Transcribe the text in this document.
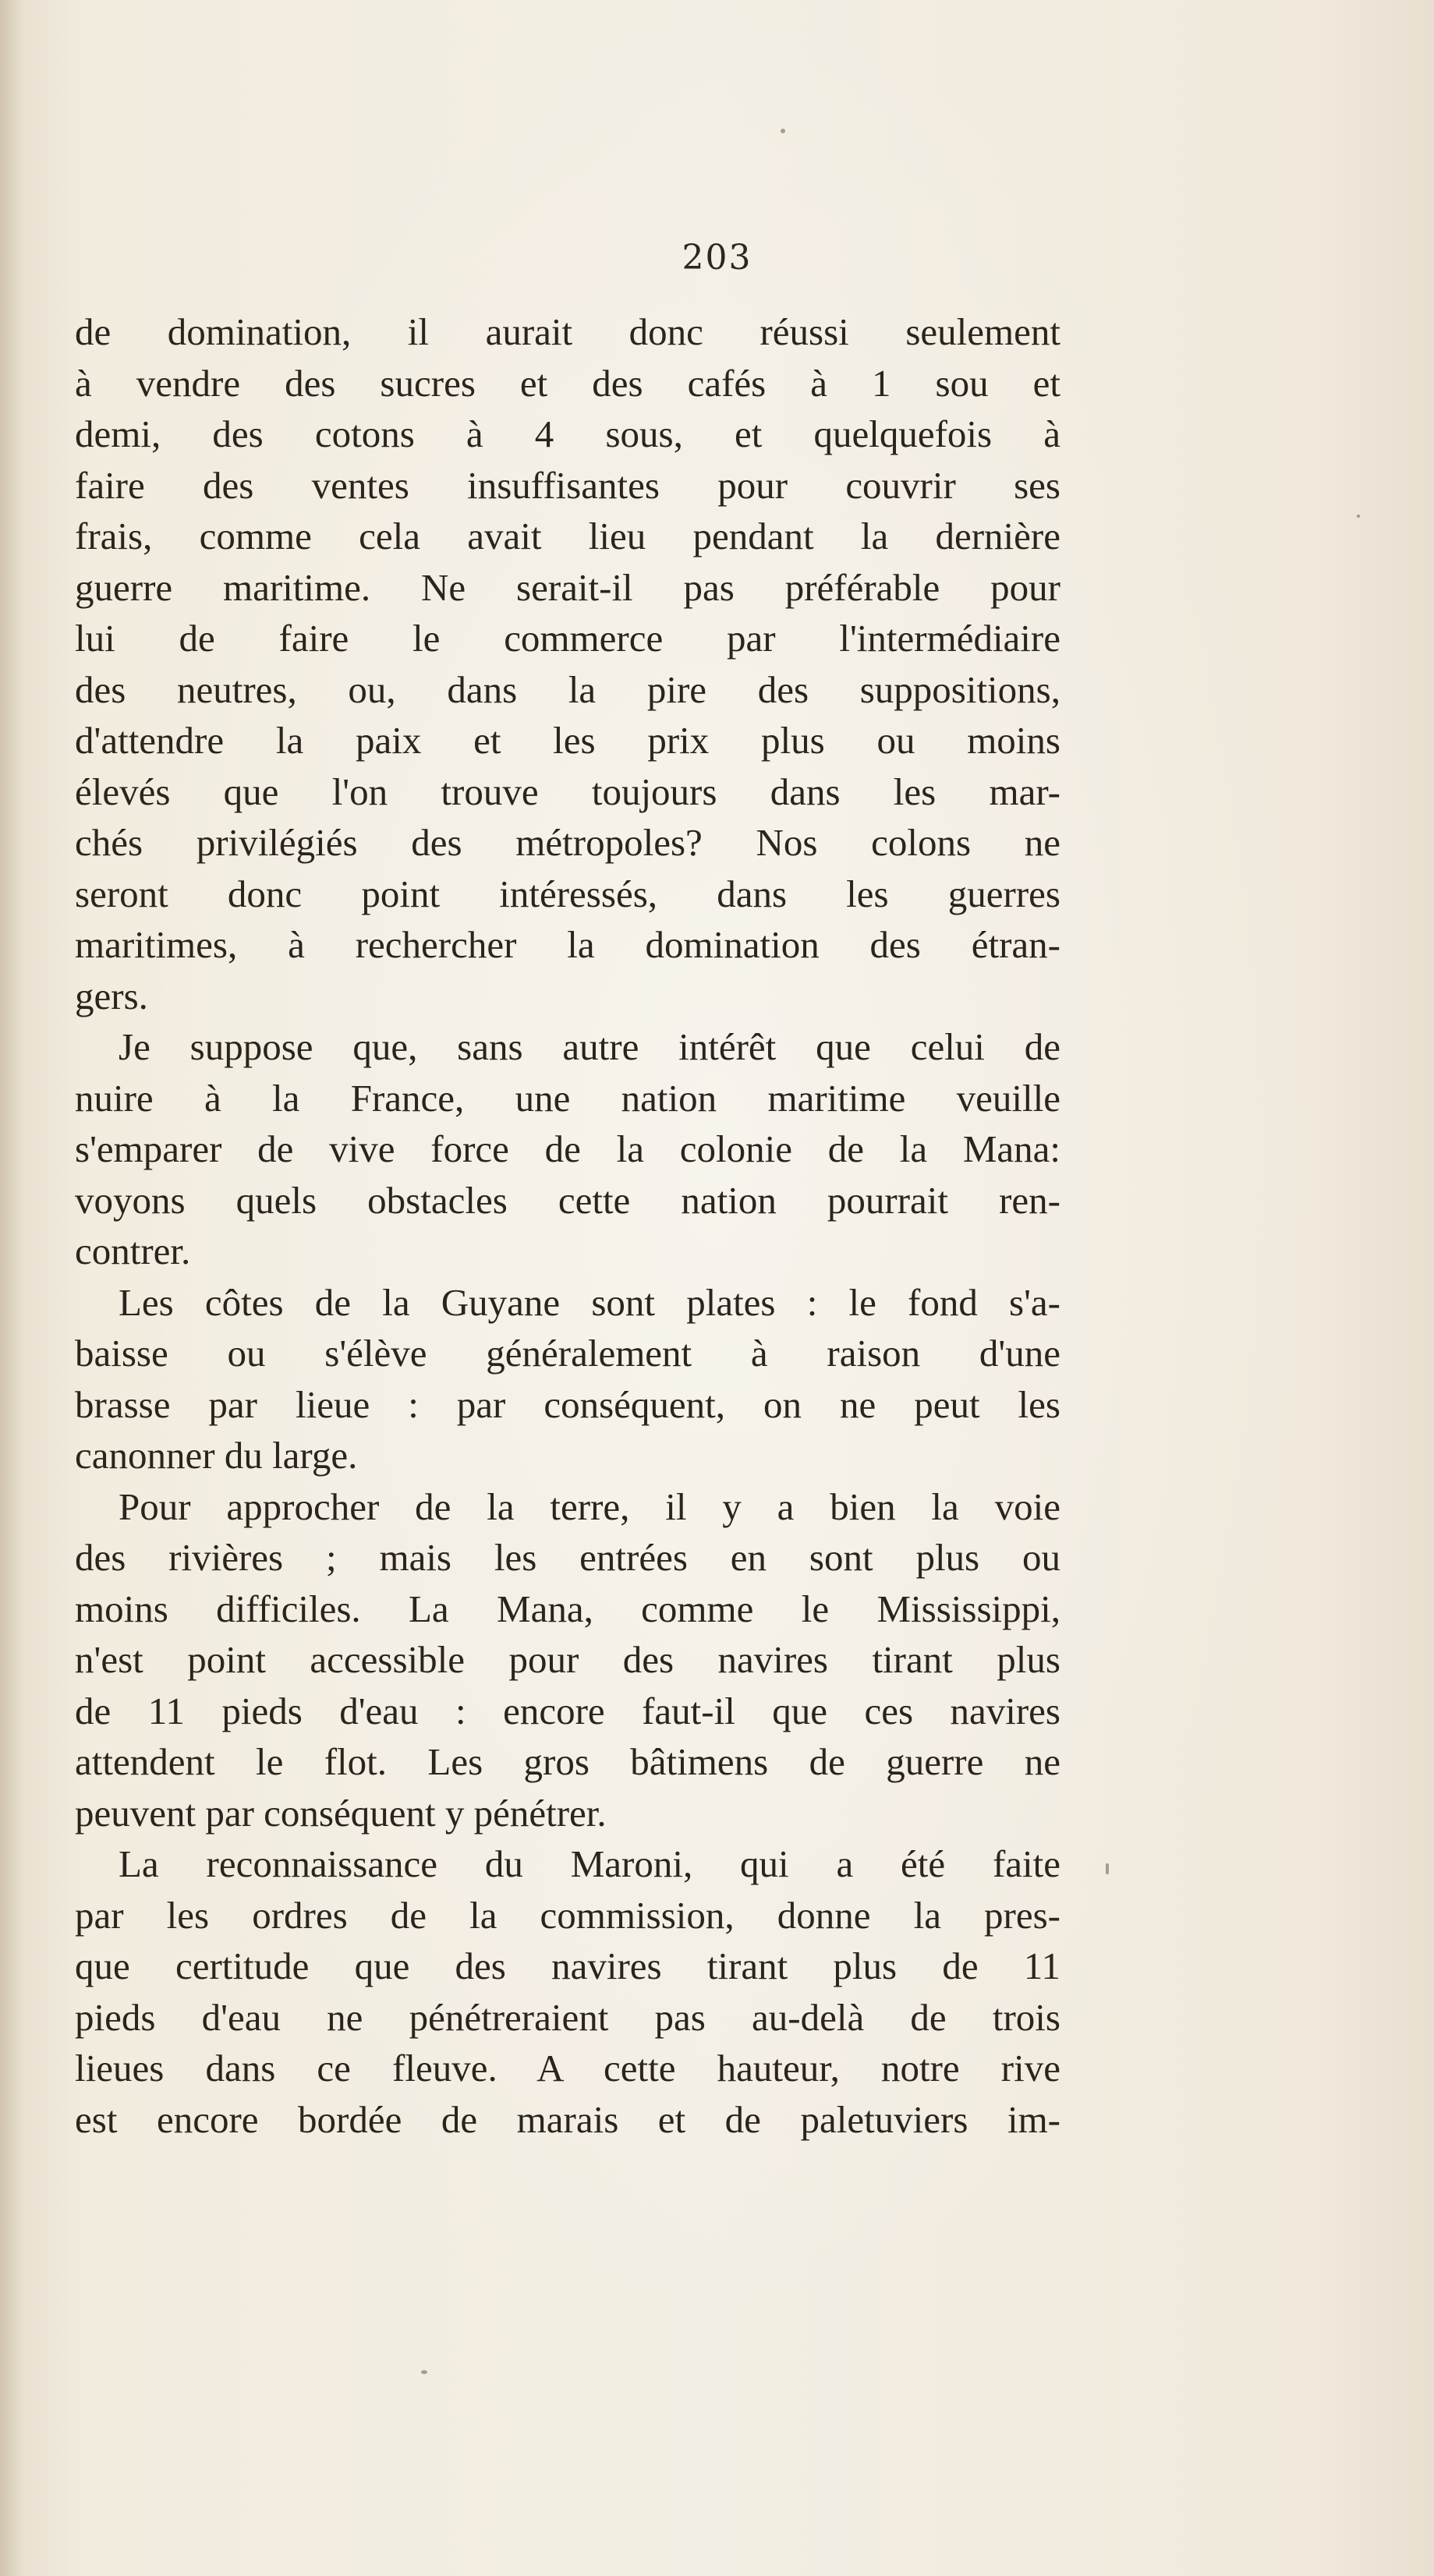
203
de domination, il aurait donc réussi seulement
à vendre des sucres et des cafés à 1 sou et
demi, des cotons à 4 sous, et quelquefois à
faire des ventes insuffisantes pour couvrir ses
frais, comme cela avait lieu pendant la dernière
guerre maritime. Ne serait-il pas préférable pour
lui de faire le commerce par l'intermédiaire
des neutres, ou, dans la pire des suppositions,
d'attendre la paix et les prix plus ou moins
élevés que l'on trouve toujours dans les mar-
chés privilégiés des métropoles? Nos colons ne
seront donc point intéressés, dans les guerres
maritimes, à rechercher la domination des étran-
gers.
Je suppose que, sans autre intérêt que celui de
nuire à la France, une nation maritime veuille
s'emparer de vive force de la colonie de la Mana:
voyons quels obstacles cette nation pourrait ren-
contrer.
Les côtes de la Guyane sont plates : le fond s'a-
baisse ou s'élève généralement à raison d'une
brasse par lieue : par conséquent, on ne peut les
canonner du large.
Pour approcher de la terre, il y a bien la voie
des rivières ; mais les entrées en sont plus ou
moins difficiles. La Mana, comme le Mississippi,
n'est point accessible pour des navires tirant plus
de 11 pieds d'eau : encore faut-il que ces navires
attendent le flot. Les gros bâtimens de guerre ne
peuvent par conséquent y pénétrer.
La reconnaissance du Maroni, qui a été faite
par les ordres de la commission, donne la pres-
que certitude que des navires tirant plus de 11
pieds d'eau ne pénétreraient pas au-delà de trois
lieues dans ce fleuve. A cette hauteur, notre rive
est encore bordée de marais et de paletuviers im-
